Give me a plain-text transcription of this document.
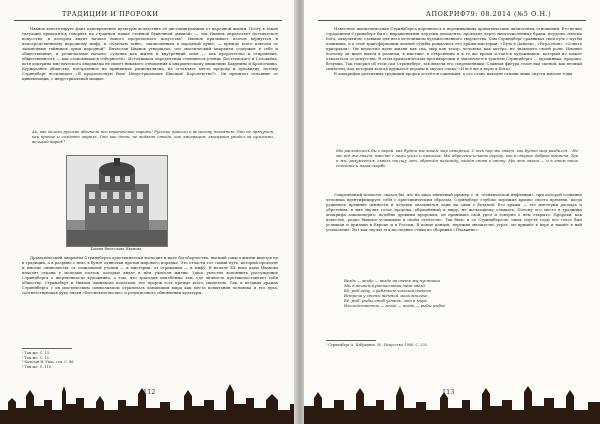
ТРАДИЦИИ И ПРОРОКИ

Иванов констатирует факт одновременно культуры вследствие её дистанцирования от народной жизни. Поэту в такой ситуации приходится говорить на странном языке «темной буквенной дымкой» — так Иванов определяет поэтическое искусство, в котором видит начало нового пророческого искусства¹. Иванов призывает поэтов вернуться к непосредственному народному мифу, к «Ключам тайн», заключенным в народной душе, — прежде всего ключом от заповедных тайников души народной². Вячеслав Иванов утверждал, что мистический анархизм содержит в себе и общественные, и религиозные начала: «учение как жизнь и внутренний опыт — как пророчество и откровение, общественность — как становящаяся соборность». Источником определения становится учение Достоевского и Соловьёва, хотя доктрина мистического анархизма не имеет никакого отношения к анархическому движению Бакунина и Кропоткина. Буржуазное общество, построенное на принципах рационализма, не оставляет места пророку и духовидцу, потому Стриндберг восклицает «Я пророчествую Вам! Индустриальная Швеция! Королевство³». Он признает отчаяние от цивилизации, с индустриальной мощью.

Ах, как далеко русские обогнали все европейские народы! Русские пришли к великому покаянию. Они не прячутся, как прочие и создают мораль. Они как дети, не ведают стыда, как эмиграция, эмигрант увидел за кулисами, великий народ!⁴

Башня Вячеслава Иванова

Драматический анархизм Стриндберга архетипически восходит к идее богоборчества: высший смысл жизни ищется не в традиции, а в разрыве с нею, в бунте одиночки против мирового порядка. Это отчасти тот самый путь, который проходят и многие символисты: от социальной утопии — к мистерии, от отрицания — к мифу. В начале XX века идеи Иванова находят отклик у молодых поэтов, которые видят в нём учителя жизни. Здесь уместно вспомнить рассуждение Стриндберга о жертвенности художника, о том, что трагедия неизбежна там, где личность противопоставляет себя обществу. Стриндберг и Иванов одинаково полагали, что пророк есть прежде всего свидетель. Так, в поздних драмах Стриндберга с их мистическим символизмом отразилась концепция мира как места испытания человека и его духа, соответствующая духу эпохи «богоискательства» и религиозного обновления культуры.

¹ Там же. С. 13.
² Там же. С. 15.
³ Кальтан Н. Указ. соч. С. 86.
⁴ Там же. С. 118.
112
АПОКРИФ79: 08.2014 (№5 О.Н.)

Известное жизнеописание Стриндберга коренилось в переживаниях драматических личностных отношений. Его вечно страданием Стриндберг был с выраженными чертами декадента: проходил через многочисленные браки, неудачи, поиски Бога, оккультизм, ставшие для него источником художественного творчества. Сам Стриндберг сравнивал свой путь с путём алхимика, и в этой трансформации личной судьбы рождались его драмы-мистерии: «Путь в Дамаск», «Игра снов», «Соната призраков». Он воплотил идею жизни как сна, мир как театр, человека как актёра, не знающего своей роли. Именно поэтому он ищет выход в религии, в мистике, в откровении и в то же время остаётся художником, который не может отказаться от искусства. В этом драматическом противоречии и заключается трагизм Стриндберга — художника, пророка, безумца. Так говорил об этом сам Стриндберг, так видели его современники. Славная фигура стоит над сценой, как вечный скиталец, над которым всегда кружатся вороны и звучат слова: «И всё же я верю в Бога».

В апокрифах различных традиций пророк остаётся одиноким, а его слово находит отклик лишь спустя многие годы.

Мы расходились бы с верой, как будто мы знаем мир неверный. С тех пор мы знаем, как будто мир разбился... Но мы всё же знаем: вместе с нами ушло и прошлое. Мы обречены искать дорогу, как в старые добрые времена. Так и мы, разумеется, сквозь толщу лет, обретём надежду, выйдя снова к свету. Мы это знаем — и в этом наше спасение и наша скорбь.

Современный психолог сказал бы, что на лицо типичный пример т. н. «психической инфляции», при которой сознание человека идентифицирует себя с архетипическим образом. Стриндберг глубоко пережил кризис своего времени, когда рушились прежние ценности и человек оказывался один на один с бездной. Его драмы — это мистерии распада и обретения, в них звучит голос пророка, обращённый к миру, не желающему слышать. Потому его место в традиции апокрифа закономерно: подобно древним пророкам, он принимал свой удел и говорил о нём открыто. Пророки, как известно, редко бывают услышаны в своём отечестве. Так было и со Стриндбергом: лишь спустя годы его голос был услышан и признан в Европе и в России. В конце концов, пережив множество утрат, он пришёл к вере и нашёл в ней успокоение. Вот как звучат его последние стихи из сборника «Плавание»:

Везде — везде — везде на свете мы пустники
Мы в вечном путешествии меж звёзд,
Её, рыб одну, с ребячьим чистым светом
Встреча у стены тёмной лишь вдалеке,
Её, рыб, рыбы чтоб узнать, что в мире
Наследственник — везде — везде — рыбы рыбы!
¹ Стриндберг А. Избранное. М.: Искусство, 1986. С. 230
113
